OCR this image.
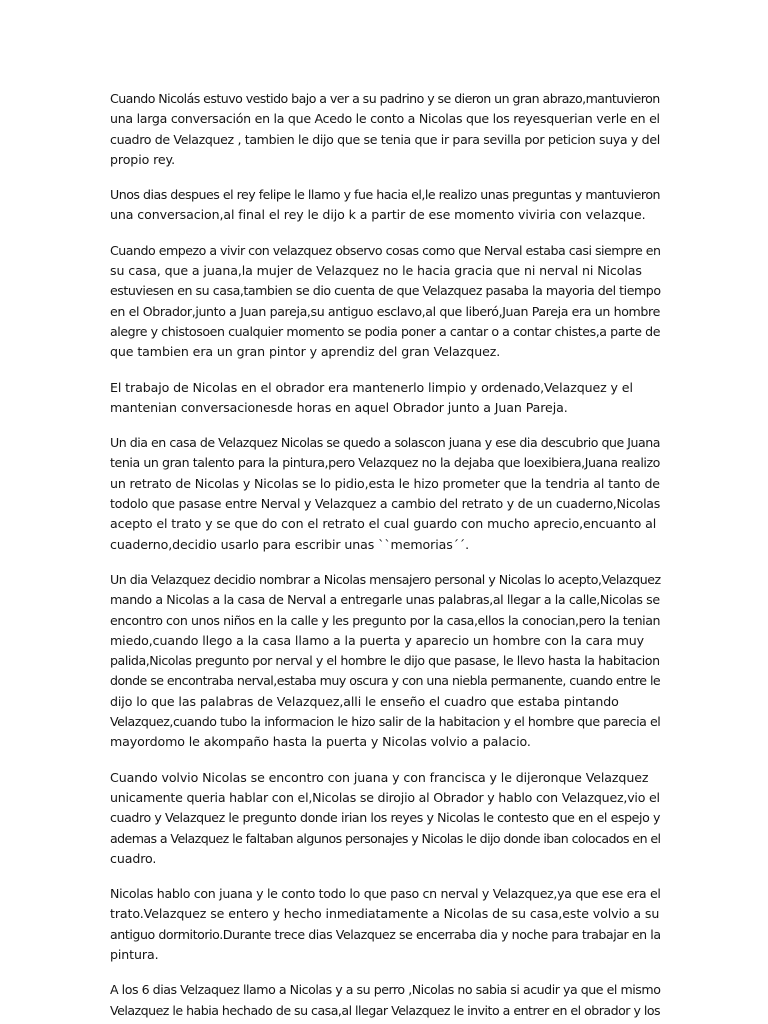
Cuando Nicolás estuvo vestido bajo a ver a su padrino y se dieron un gran abrazo,mantuvieron
una larga conversación en la que Acedo le conto a Nicolas que los reyesquerian verle en el
cuadro de Velazquez , tambien le dijo que se tenia que ir para sevilla por peticion suya y del
propio rey.

Unos dias despues el rey felipe le llamo y fue hacia el,le realizo unas preguntas y mantuvieron
una conversacion,al final el rey le dijo k a partir de ese momento viviria con velazque.

Cuando empezo a vivir con velazquez observo cosas como que Nerval estaba casi siempre en
su casa, que a juana,la mujer de Velazquez no le hacia gracia que ni nerval ni Nicolas
estuviesen en su casa,tambien se dio cuenta de que Velazquez pasaba la mayoria del tiempo
en el Obrador,junto a Juan pareja,su antiguo esclavo,al que liberó,Juan Pareja era un hombre
alegre y chistosoen cualquier momento se podia poner a cantar o a contar chistes,a parte de
que tambien era un gran pintor y aprendiz del gran Velazquez.

El trabajo de Nicolas en el obrador era mantenerlo limpio y ordenado,Velazquez y el
mantenian conversacionesde horas en aquel Obrador junto a Juan Pareja.

Un dia en casa de Velazquez Nicolas se quedo a solascon juana y ese dia descubrio que Juana
tenia un gran talento para la pintura,pero Velazquez no la dejaba que loexibiera,Juana realizo
un retrato de Nicolas y Nicolas se lo pidio,esta le hizo prometer que la tendria al tanto de
todolo que pasase entre Nerval y Velazquez a cambio del retrato y de un cuaderno,Nicolas
acepto el trato y se que do con el retrato el cual guardo con mucho aprecio,encuanto al
cuaderno,decidio usarlo para escribir unas ``memorias´´.

Un dia Velazquez decidio nombrar a Nicolas mensajero personal y Nicolas lo acepto,Velazquez
mando a Nicolas a la casa de Nerval a entregarle unas palabras,al llegar a la calle,Nicolas se
encontro con unos niños en la calle y les pregunto por la casa,ellos la conocian,pero la tenian
miedo,cuando llego a la casa llamo a la puerta y aparecio un hombre con la cara muy
palida,Nicolas pregunto por nerval y el hombre le dijo que pasase, le llevo hasta la habitacion
donde se encontraba nerval,estaba muy oscura y con una niebla permanente, cuando entre le
dijo lo que las palabras de Velazquez,alli le enseño el cuadro que estaba pintando
Velazquez,cuando tubo la informacion le hizo salir de la habitacion y el hombre que parecia el
mayordomo le akompaño hasta la puerta y Nicolas volvio a palacio.

Cuando volvio Nicolas se encontro con juana y con francisca y le dijeronque Velazquez
unicamente queria hablar con el,Nicolas se dirojio al Obrador y hablo con Velazquez,vio el
cuadro y Velazquez le pregunto donde irian los reyes y Nicolas le contesto que en el espejo y
ademas a Velazquez le faltaban algunos personajes y Nicolas le dijo donde iban colocados en el
cuadro.

Nicolas hablo con juana y le conto todo lo que paso cn nerval y Velazquez,ya que ese era el
trato.Velazquez se entero y hecho inmediatamente a Nicolas de su casa,este volvio a su
antiguo dormitorio.Durante trece dias Velazquez se encerraba dia y noche para trabajar en la
pintura.

A los 6 dias Velzaquez llamo a Nicolas y a su perro ,Nicolas no sabia si acudir ya que el mismo
Velazquez le habia hechado de su casa,al llegar Velazquez le invito a entrer en el obrador y los
